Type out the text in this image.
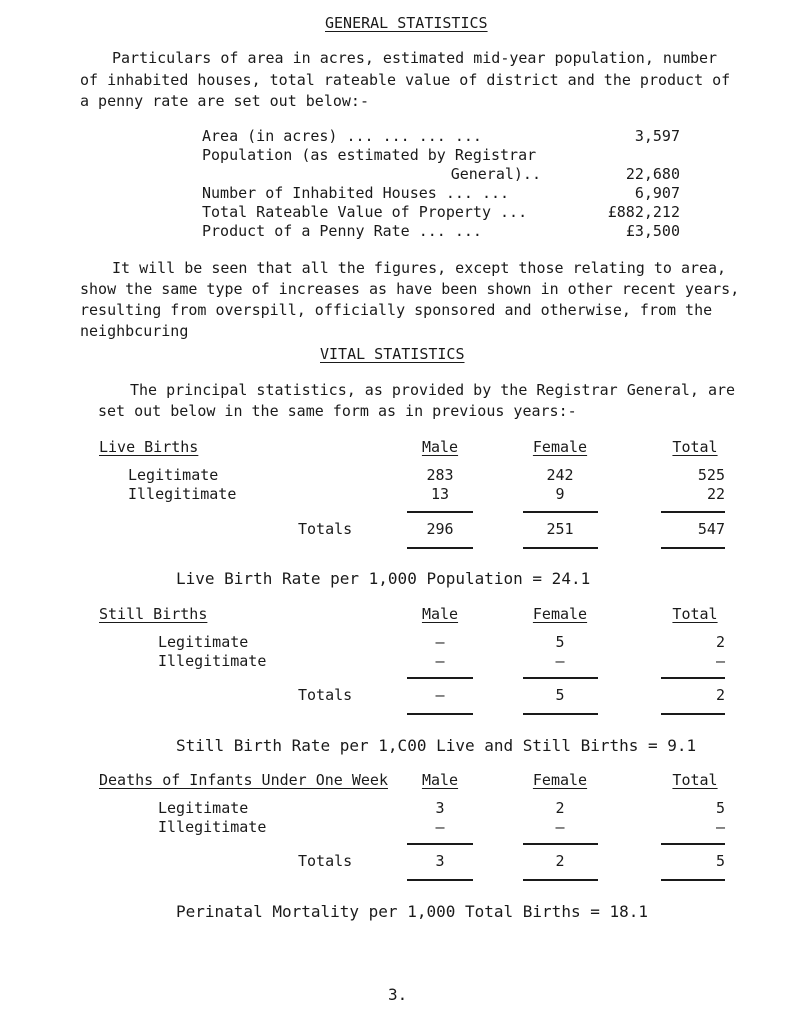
GENERAL STATISTICS
Particulars of area in acres, estimated mid-year population, number
of inhabited houses, total rateable value of district and the product of
a penny rate are set out below:-
Area (in acres) ... ... ... ...	3,597
Population (as estimated by Registrar
General)..	22,680
Number of Inhabited Houses ... ...	6,907
Total Rateable Value of Property ...	£882,212
Product of a Penny Rate ... ...	£3,500
It will be seen that all the figures, except those relating to area,
show the same type of increases as have been shown in other recent years,
resulting from overspill, officially sponsored and otherwise, from the
neighbcuring
VITAL STATISTICS
The principal statistics, as provided by the Registrar General, are
set out below in the same form as in previous years:-
Live Births	Male	Female	Total
Legitimate	283	242	525
Illegitimate	13	9	22
Totals	296	251	547
Live Birth Rate per 1,000 Population = 24.1
Still Births	Male	Female	Total
Legitimate	–	5	2
Illegitimate	–	–	–
Totals	–	5	2
Still Birth Rate per 1,C00 Live and Still Births = 9.1
Deaths of Infants Under One Week	Male	Female	Total
Legitimate	3	2	5
Illegitimate	–	–	–
Totals	3	2	5
Perinatal Mortality per 1,000 Total Births = 18.1
3.
